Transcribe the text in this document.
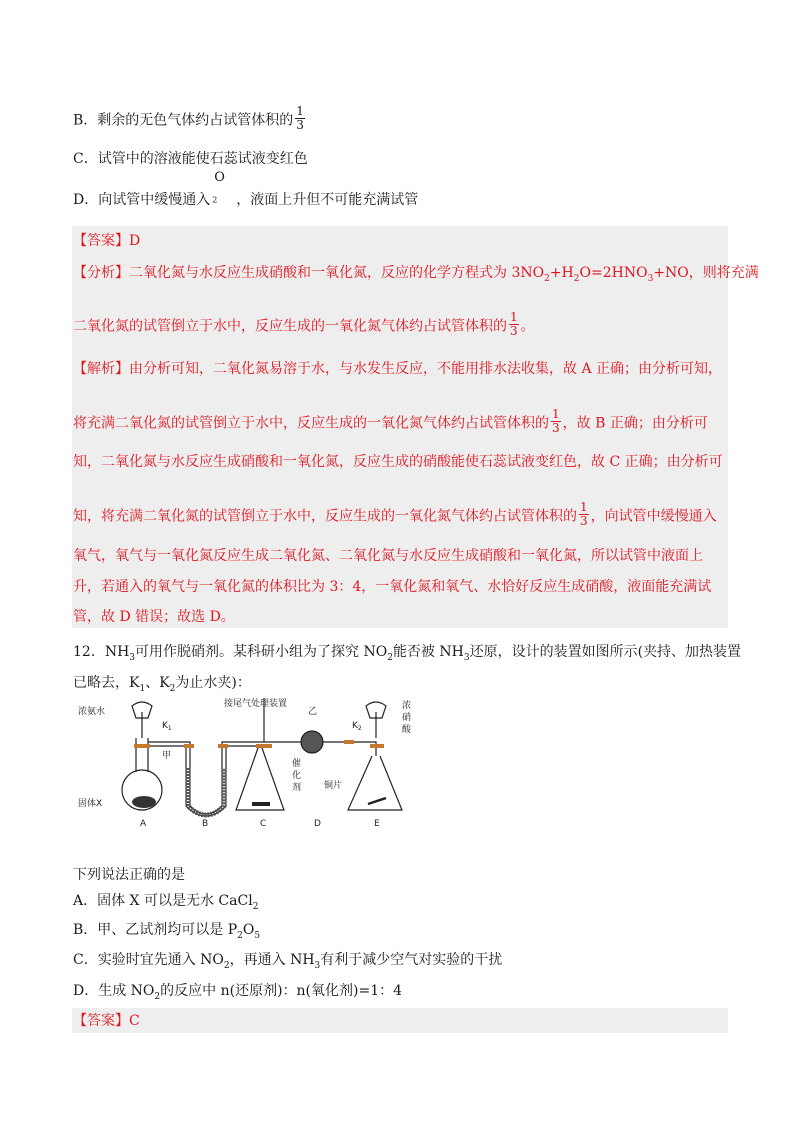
B．剩余的无色气体约占试管体积的 $\frac{1}{3}$
C．试管中的溶液能使石蕊试液变红色
D．向试管中缓慢通入
O
$_2$ ，液面上升但不可能充满试管
【答案】D
【分析】二氧化氮与水反应生成硝酸和一氧化氮，反应的化学方程式为 $3NO_2+H_2O=2HNO_3+NO$，则将充满
二氧化氮的试管倒立于水中，反应生成的一氧化氮气体约占试管体积的 $\frac{1}{3}$ 。
【解析】由分析可知，二氧化氮易溶于水，与水发生反应，不能用排水法收集，故 A 正确；由分析可知，
将充满二氧化氮的试管倒立于水中，反应生成的一氧化氮气体约占试管体积的 $\frac{1}{3}$ ，故 B 正确；由分析可
知，二氧化氮与水反应生成硝酸和一氧化氮，反应生成的硝酸能使石蕊试液变红色，故 C 正确；由分析可
知，将充满二氧化氮的试管倒立于水中，反应生成的一氧化氮气体约占试管体积的 $\frac{1}{3}$ ，向试管中缓慢通入
氧气，氧气与一氧化氮反应生成二氧化氮、二氧化氮与水反应生成硝酸和一氧化氮，所以试管中液面上
升，若通入的氧气与一氧化氮的体积比为 3：4，一氧化氮和氧气、水恰好反应生成硝酸，液面能充满试
管，故 D 错误；故选 D。
12．$NH_3$可用作脱硝剂。某科研小组为了探究 $NO_2$能否被 $NH_3$还原，设计的装置如图所示(夹持、加热装置
已略去，$K_1$、$K_2$为止水夹)：
浓氨水
$K_1$
接尾气处理装置
乙
$K_2$
浓
硝
酸
甲
固体X
催
化
剂	铜片
A	B	C	D	E
下列说法正确的是
A．固体 X 可以是无水 CaCl$_2$
B．甲、乙试剂均可以是 $P_2O_5$
C．实验时宜先通入 $NO_2$，再通入 $NH_3$有利于减少空气对实验的干扰
D．生成 $NO_2$的反应中 n(还原剂)：n(氧化剂)=1：4
【答案】C
